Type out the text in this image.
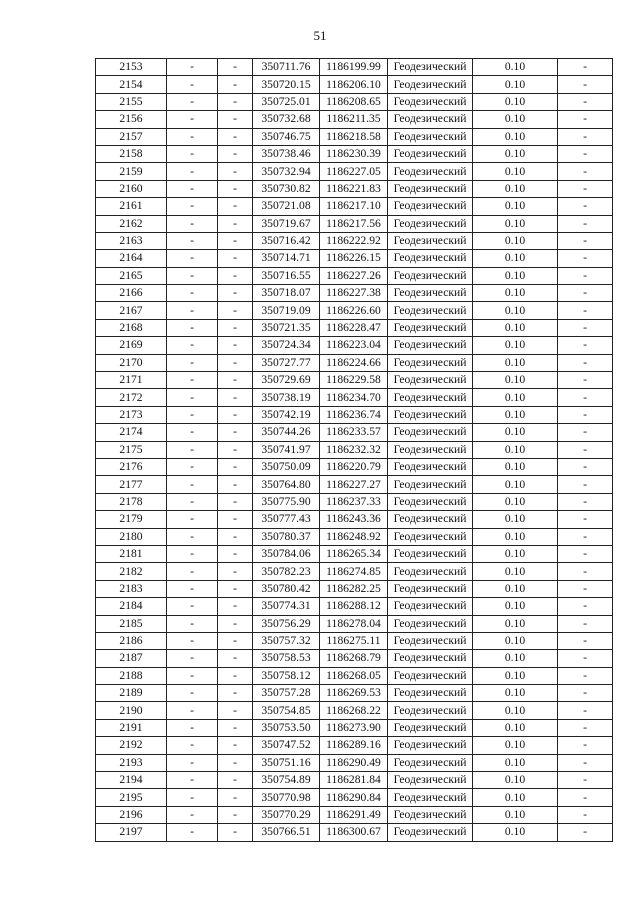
51
2153	-	-	350711.76	1186199.99	Геодезический	0.10	-
2154	-	-	350720.15	1186206.10	Геодезический	0.10	-
2155	-	-	350725.01	1186208.65	Геодезический	0.10	-
2156	-	-	350732.68	1186211.35	Геодезический	0.10	-
2157	-	-	350746.75	1186218.58	Геодезический	0.10	-
2158	-	-	350738.46	1186230.39	Геодезический	0.10	-
2159	-	-	350732.94	1186227.05	Геодезический	0.10	-
2160	-	-	350730.82	1186221.83	Геодезический	0.10	-
2161	-	-	350721.08	1186217.10	Геодезический	0.10	-
2162	-	-	350719.67	1186217.56	Геодезический	0.10	-
2163	-	-	350716.42	1186222.92	Геодезический	0.10	-
2164	-	-	350714.71	1186226.15	Геодезический	0.10	-
2165	-	-	350716.55	1186227.26	Геодезический	0.10	-
2166	-	-	350718.07	1186227.38	Геодезический	0.10	-
2167	-	-	350719.09	1186226.60	Геодезический	0.10	-
2168	-	-	350721.35	1186228.47	Геодезический	0.10	-
2169	-	-	350724.34	1186223.04	Геодезический	0.10	-
2170	-	-	350727.77	1186224.66	Геодезический	0.10	-
2171	-	-	350729.69	1186229.58	Геодезический	0.10	-
2172	-	-	350738.19	1186234.70	Геодезический	0.10	-
2173	-	-	350742.19	1186236.74	Геодезический	0.10	-
2174	-	-	350744.26	1186233.57	Геодезический	0.10	-
2175	-	-	350741.97	1186232.32	Геодезический	0.10	-
2176	-	-	350750.09	1186220.79	Геодезический	0.10	-
2177	-	-	350764.80	1186227.27	Геодезический	0.10	-
2178	-	-	350775.90	1186237.33	Геодезический	0.10	-
2179	-	-	350777.43	1186243.36	Геодезический	0.10	-
2180	-	-	350780.37	1186248.92	Геодезический	0.10	-
2181	-	-	350784.06	1186265.34	Геодезический	0.10	-
2182	-	-	350782.23	1186274.85	Геодезический	0.10	-
2183	-	-	350780.42	1186282.25	Геодезический	0.10	-
2184	-	-	350774.31	1186288.12	Геодезический	0.10	-
2185	-	-	350756.29	1186278.04	Геодезический	0.10	-
2186	-	-	350757.32	1186275.11	Геодезический	0.10	-
2187	-	-	350758.53	1186268.79	Геодезический	0.10	-
2188	-	-	350758.12	1186268.05	Геодезический	0.10	-
2189	-	-	350757.28	1186269.53	Геодезический	0.10	-
2190	-	-	350754.85	1186268.22	Геодезический	0.10	-
2191	-	-	350753.50	1186273.90	Геодезический	0.10	-
2192	-	-	350747.52	1186289.16	Геодезический	0.10	-
2193	-	-	350751.16	1186290.49	Геодезический	0.10	-
2194	-	-	350754.89	1186281.84	Геодезический	0.10	-
2195	-	-	350770.98	1186290.84	Геодезический	0.10	-
2196	-	-	350770.29	1186291.49	Геодезический	0.10	-
2197	-	-	350766.51	1186300.67	Геодезический	0.10	-
